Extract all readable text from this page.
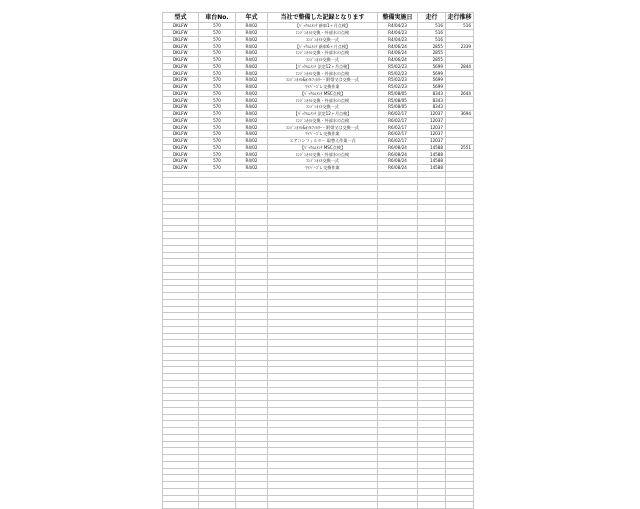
型式	車台No.	年式	当社で整備した記録となります	整備実施日	走行	走行推移
DKLFW	570	R4/02	【ﾊﾞｯｸﾙﾑﾒﾝﾃ 新車1ヶ月点検】	R4/04/23	516	516
DKLFW	570	R4/02	ｴﾝｼﾞﾝｵｲﾙ交換・外部水の点検	R4/04/23	516	
DKLFW	570	R4/02	ｴﾝｼﾞﾝｵｲﾙ交換一式	R4/04/23	516	
DKLFW	570	R4/02	【ﾊﾞｯｸﾙﾑﾒﾝﾃ 新車6ヶ月点検】	R4/06/24	2855	2339
DKLFW	570	R4/02	ｴﾝｼﾞﾝｵｲﾙ交換・外部水の点検	R4/06/24	2855	
DKLFW	570	R4/02	ｴﾝｼﾞﾝｵｲﾙ交換一式	R4/06/24	2855	
DKLFW	570	R4/02	【ﾊﾞｯｸﾙﾑﾒﾝﾃ 法定12ヶ月点検】	R5/02/23	5699	2844
DKLFW	570	R4/02	ｴﾝｼﾞﾝｵｲﾙ交換・外部水の点検	R5/02/23	5699	
DKLFW	570	R4/02	ｴﾝｼﾞﾝｵｲﾙ&ｵｲﾙﾌｨﾙﾀｰ・附帯又は交換一式	R5/02/23	5699	
DKLFW	570	R4/02	ﾜｲﾊﾟｰｺﾞﾑ 交換作業	R5/02/23	5699	
DKLFW	570	R4/02	【ﾊﾞｯｸﾙﾑﾒﾝﾃ MSC点検】	R5/08/05	8343	2644
DKLFW	570	R4/02	ｴﾝｼﾞﾝｵｲﾙ交換・外部水の点検	R5/08/05	8343	
DKLFW	570	R4/02	ｴﾝｼﾞﾝｵｲﾙ交換一式	R5/08/05	8343	
DKLFW	570	R4/02	【ﾊﾞｯｸﾙﾑﾒﾝﾃ 法定12ヶ月点検】	R6/02/17	12037	3694
DKLFW	570	R4/02	ｴﾝｼﾞﾝｵｲﾙ交換・外部水の点検	R6/02/17	12037	
DKLFW	570	R4/02	ｴﾝｼﾞﾝｵｲﾙ&ｵｲﾙﾌｨﾙﾀｰ・附帯又は交換一式	R6/02/17	12037	
DKLFW	570	R4/02	ﾜｲﾊﾟｰｺﾞﾑ 交換作業	R6/02/17	12037	
DKLFW	570	R4/02	エアコンフィルター 取替え作業一式	R6/02/17	12037	
DKLFW	570	R4/02	【ﾊﾞｯｸﾙﾑﾒﾝﾃ MSC点検】	R6/08/24	14588	2551
DKLFW	570	R4/02	ｴﾝｼﾞﾝｵｲﾙ交換・外部水の点検	R6/08/24	14588	
DKLFW	570	R4/02	ｴﾝｼﾞﾝｵｲﾙ交換一式	R6/08/24	14588	
DKLFW	570	R4/02	ﾜｲﾊﾟｰｺﾞﾑ 交換作業	R6/08/24	14588	
